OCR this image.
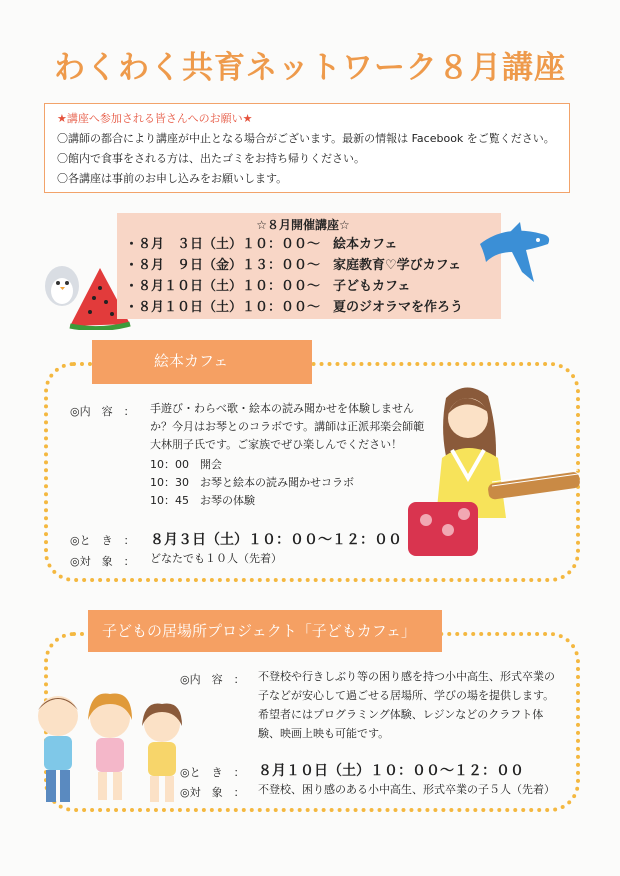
わくわく共育ネットワーク８月講座
★講座へ参加される皆さんへのお願い★
〇講師の都合により講座が中止となる場合がございます。最新の情報は Facebook をご覧ください。
〇館内で食事をされる方は、出たゴミをお持ち帰りください。
〇各講座は事前のお申し込みをお願いします。
☆８月開催講座☆
・８月　３日（土）１０：００～　絵本カフェ
・８月　９日（金）１３：００～　家庭教育♡学びカフェ
・８月１０日（土）１０：００～　子どもカフェ
・８月１０日（土）１０：００～　夏のジオラマを作ろう
絵本カフェ
◎内　容　： 手遊び・わらべ歌・絵本の読み聞かせを体験しません
か？今月はお琴とのコラボです。講師は正派邦楽会師範
大林朋子氏です。ご家族でぜひ楽しんでください！
10：00　開会
10：30　お琴と絵本の読み聞かせコラボ
10：45　お琴の体験
◎と　き　： ８月３日（土）１０：００～１２：００
◎対　象　： どなたでも１０人（先着）
子どもの居場所プロジェクト「子どもカフェ」
◎内　容　： 不登校や行きしぶり等の困り感を持つ小中高生、形式卒業の
子などが安心して過ごせる居場所、学びの場を提供します。
希望者にはプログラミング体験、レジンなどのクラフト体
験、映画上映も可能です。
◎と　き　： ８月１０日（土）１０：００～１２：００
◎対　象　： 不登校、困り感のある小中高生、形式卒業の子５人（先着）
